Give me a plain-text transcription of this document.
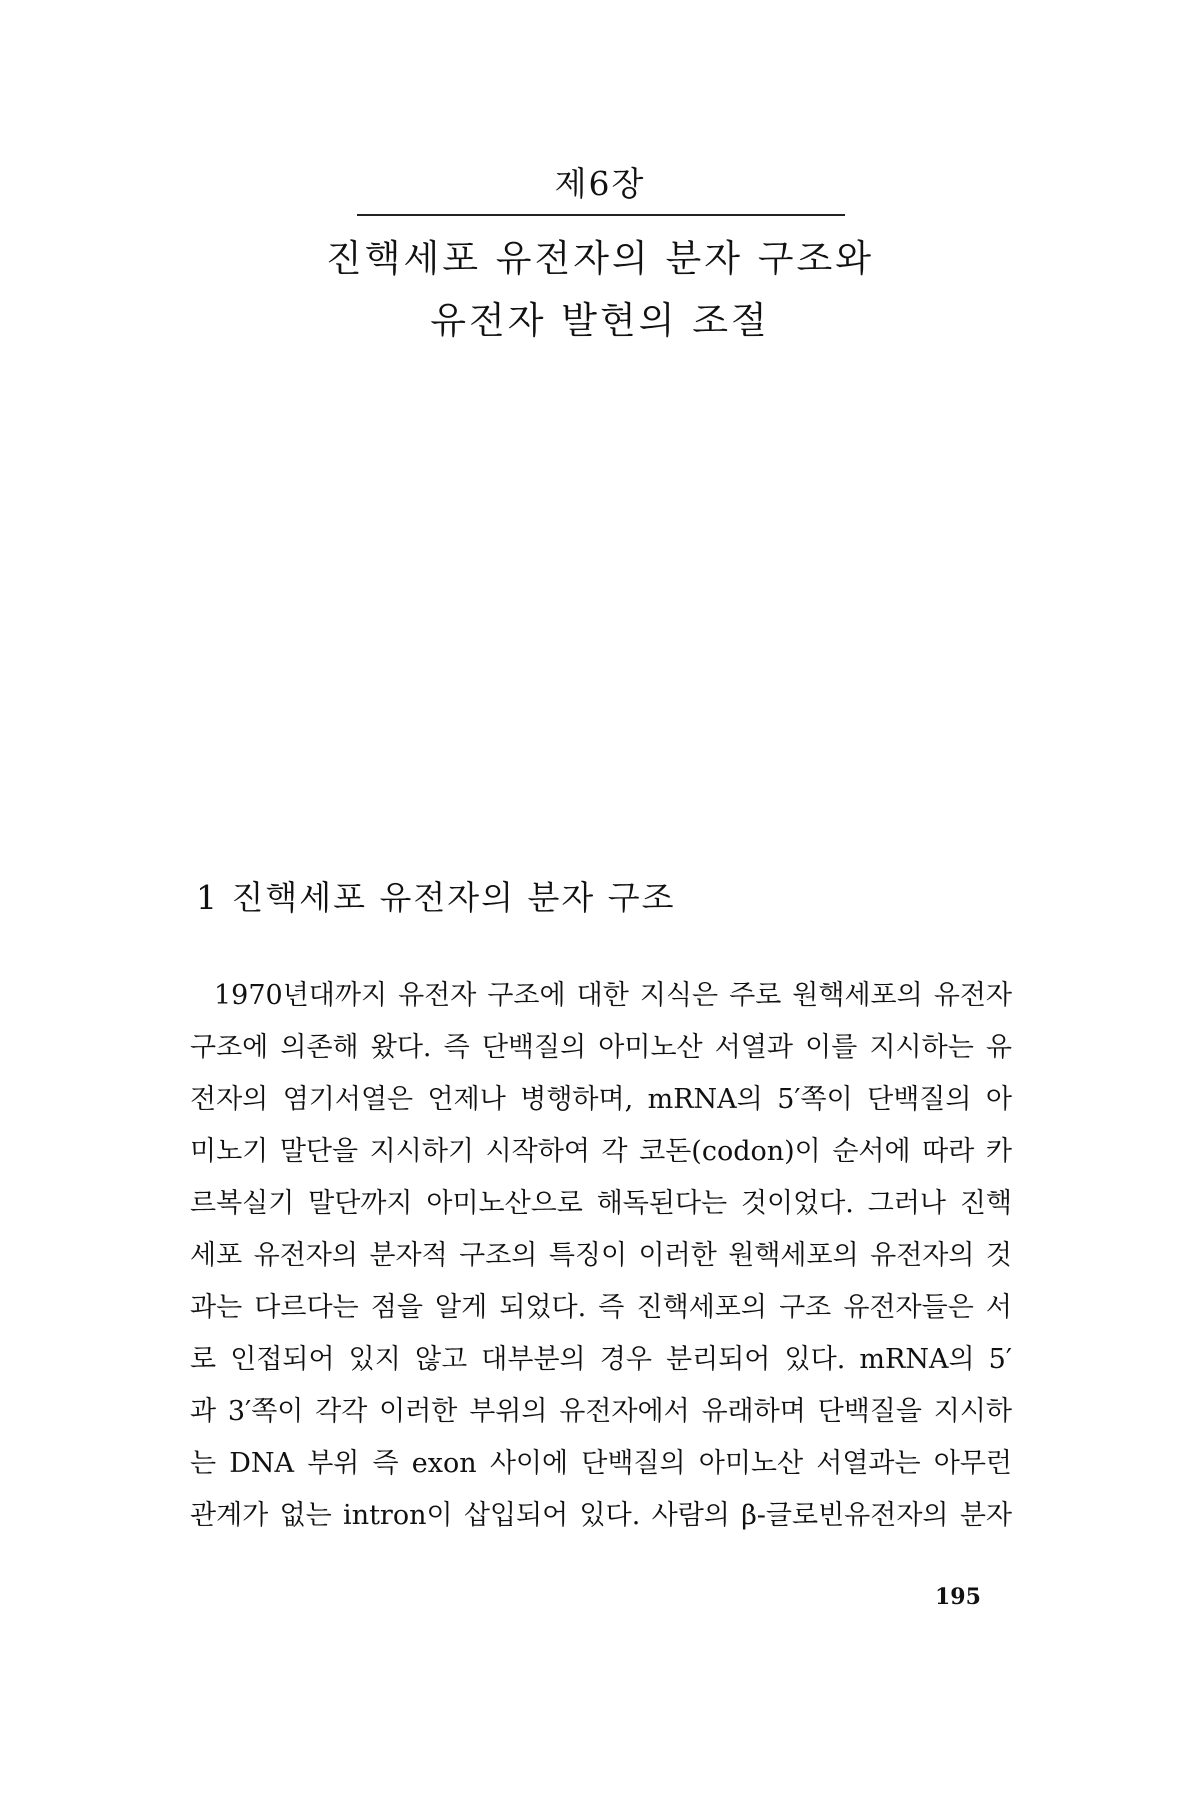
제6장
진핵세포 유전자의 분자 구조와
유전자 발현의 조절
1 진핵세포 유전자의 분자 구조
1970년대까지 유전자 구조에 대한 지식은 주로 원핵세포의 유전자
구조에 의존해 왔다. 즉 단백질의 아미노산 서열과 이를 지시하는 유
전자의 염기서열은 언제나 병행하며, mRNA의 5′쪽이 단백질의 아
미노기 말단을 지시하기 시작하여 각 코돈(codon)이 순서에 따라 카
르복실기 말단까지 아미노산으로 해독된다는 것이었다. 그러나 진핵
세포 유전자의 분자적 구조의 특징이 이러한 원핵세포의 유전자의 것
과는 다르다는 점을 알게 되었다. 즉 진핵세포의 구조 유전자들은 서
로 인접되어 있지 않고 대부분의 경우 분리되어 있다. mRNA의 5′
과 3′쪽이 각각 이러한 부위의 유전자에서 유래하며 단백질을 지시하
는 DNA 부위 즉 exon 사이에 단백질의 아미노산 서열과는 아무런
관계가 없는 intron이 삽입되어 있다. 사람의 β-글로빈유전자의 분자
195
